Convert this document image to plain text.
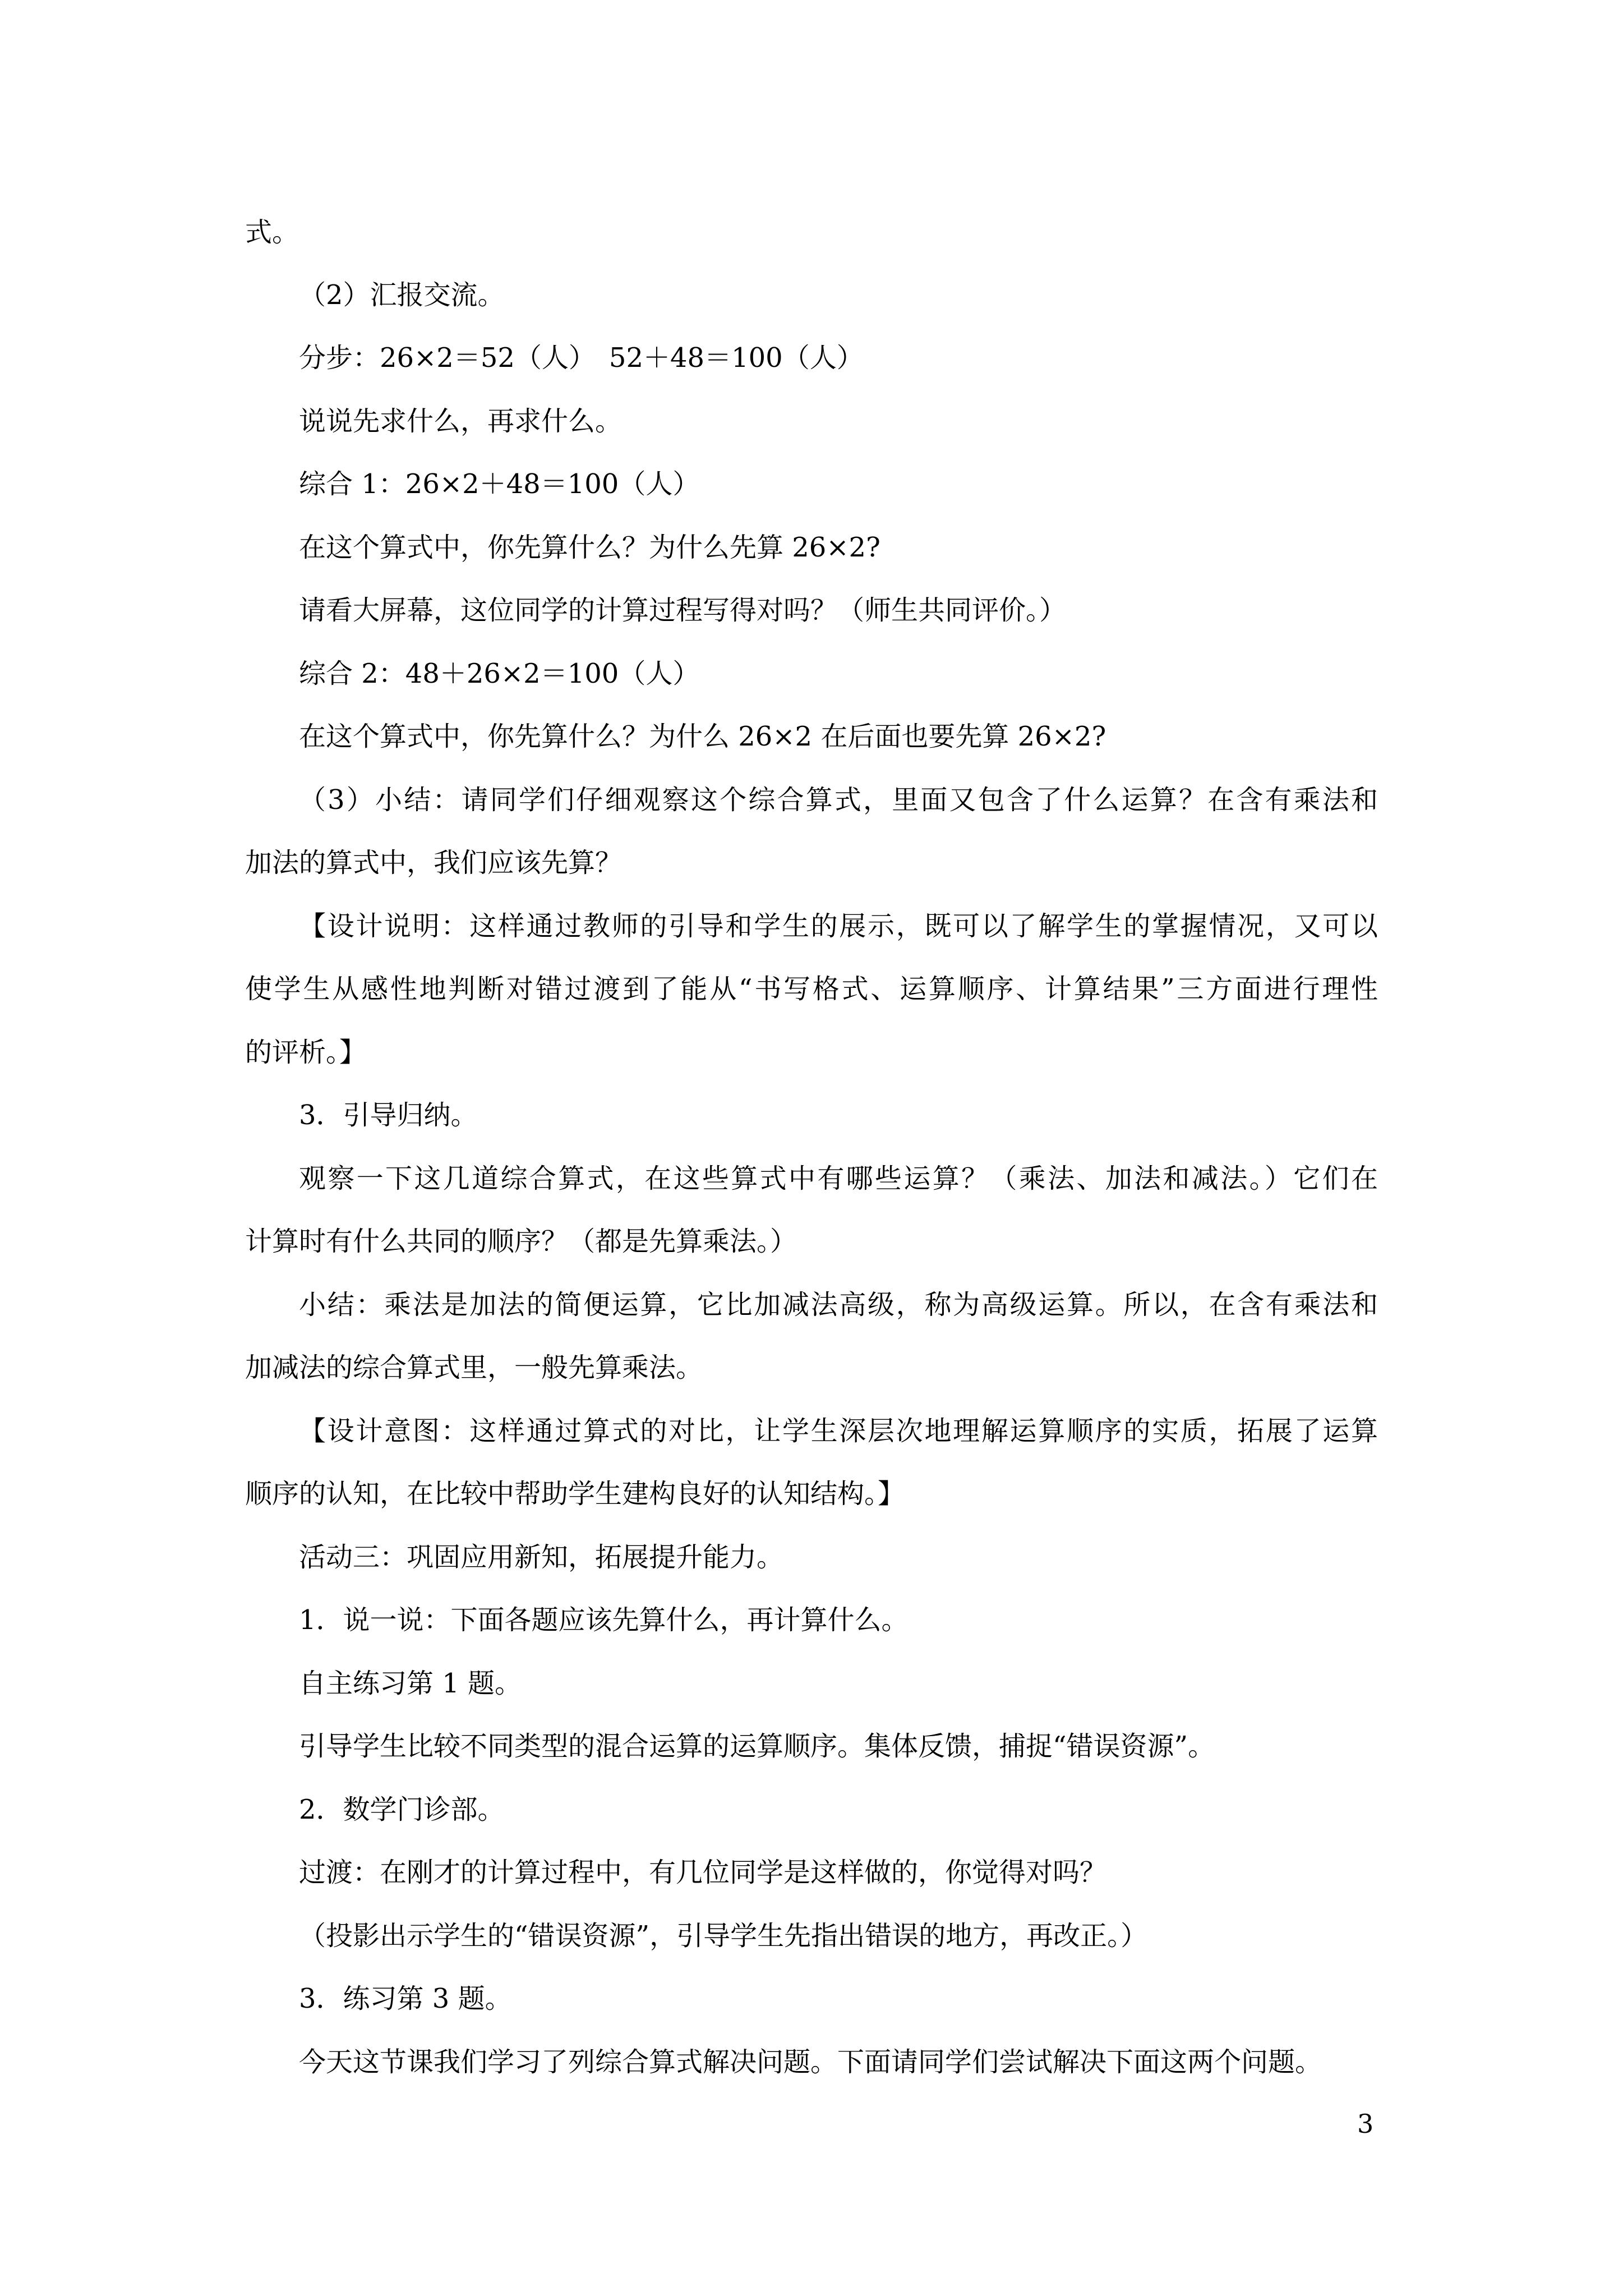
式。
（2）汇报交流。
分步：26×2＝52（人）　52＋48＝100（人）
说说先求什么，再求什么。
综合 1：26×2＋48＝100（人）
在这个算式中，你先算什么？为什么先算 26×2?
请看大屏幕，这位同学的计算过程写得对吗？（师生共同评价。）
综合 2：48＋26×2＝100（人）
在这个算式中，你先算什么？为什么 26×2 在后面也要先算 26×2?
（3）小结：请同学们仔细观察这个综合算式，里面又包含了什么运算？在含有乘法和
加法的算式中，我们应该先算？
【设计说明：这样通过教师的引导和学生的展示，既可以了解学生的掌握情况，又可以
使学生从感性地判断对错过渡到了能从“书写格式、运算顺序、计算结果”三方面进行理性
的评析。】
3．引导归纳。
观察一下这几道综合算式，在这些算式中有哪些运算？（乘法、加法和减法。）它们在
计算时有什么共同的顺序？（都是先算乘法。）
小结：乘法是加法的简便运算，它比加减法高级，称为高级运算。所以，在含有乘法和
加减法的综合算式里，一般先算乘法。
【设计意图：这样通过算式的对比，让学生深层次地理解运算顺序的实质，拓展了运算
顺序的认知，在比较中帮助学生建构良好的认知结构。】
活动三：巩固应用新知，拓展提升能力。
1．说一说：下面各题应该先算什么，再计算什么。
自主练习第 1 题。
引导学生比较不同类型的混合运算的运算顺序。集体反馈，捕捉“错误资源”。
2．数学门诊部。
过渡：在刚才的计算过程中，有几位同学是这样做的，你觉得对吗？
（投影出示学生的“错误资源”，引导学生先指出错误的地方，再改正。）
3．练习第 3 题。
今天这节课我们学习了列综合算式解决问题。下面请同学们尝试解决下面这两个问题。
3
